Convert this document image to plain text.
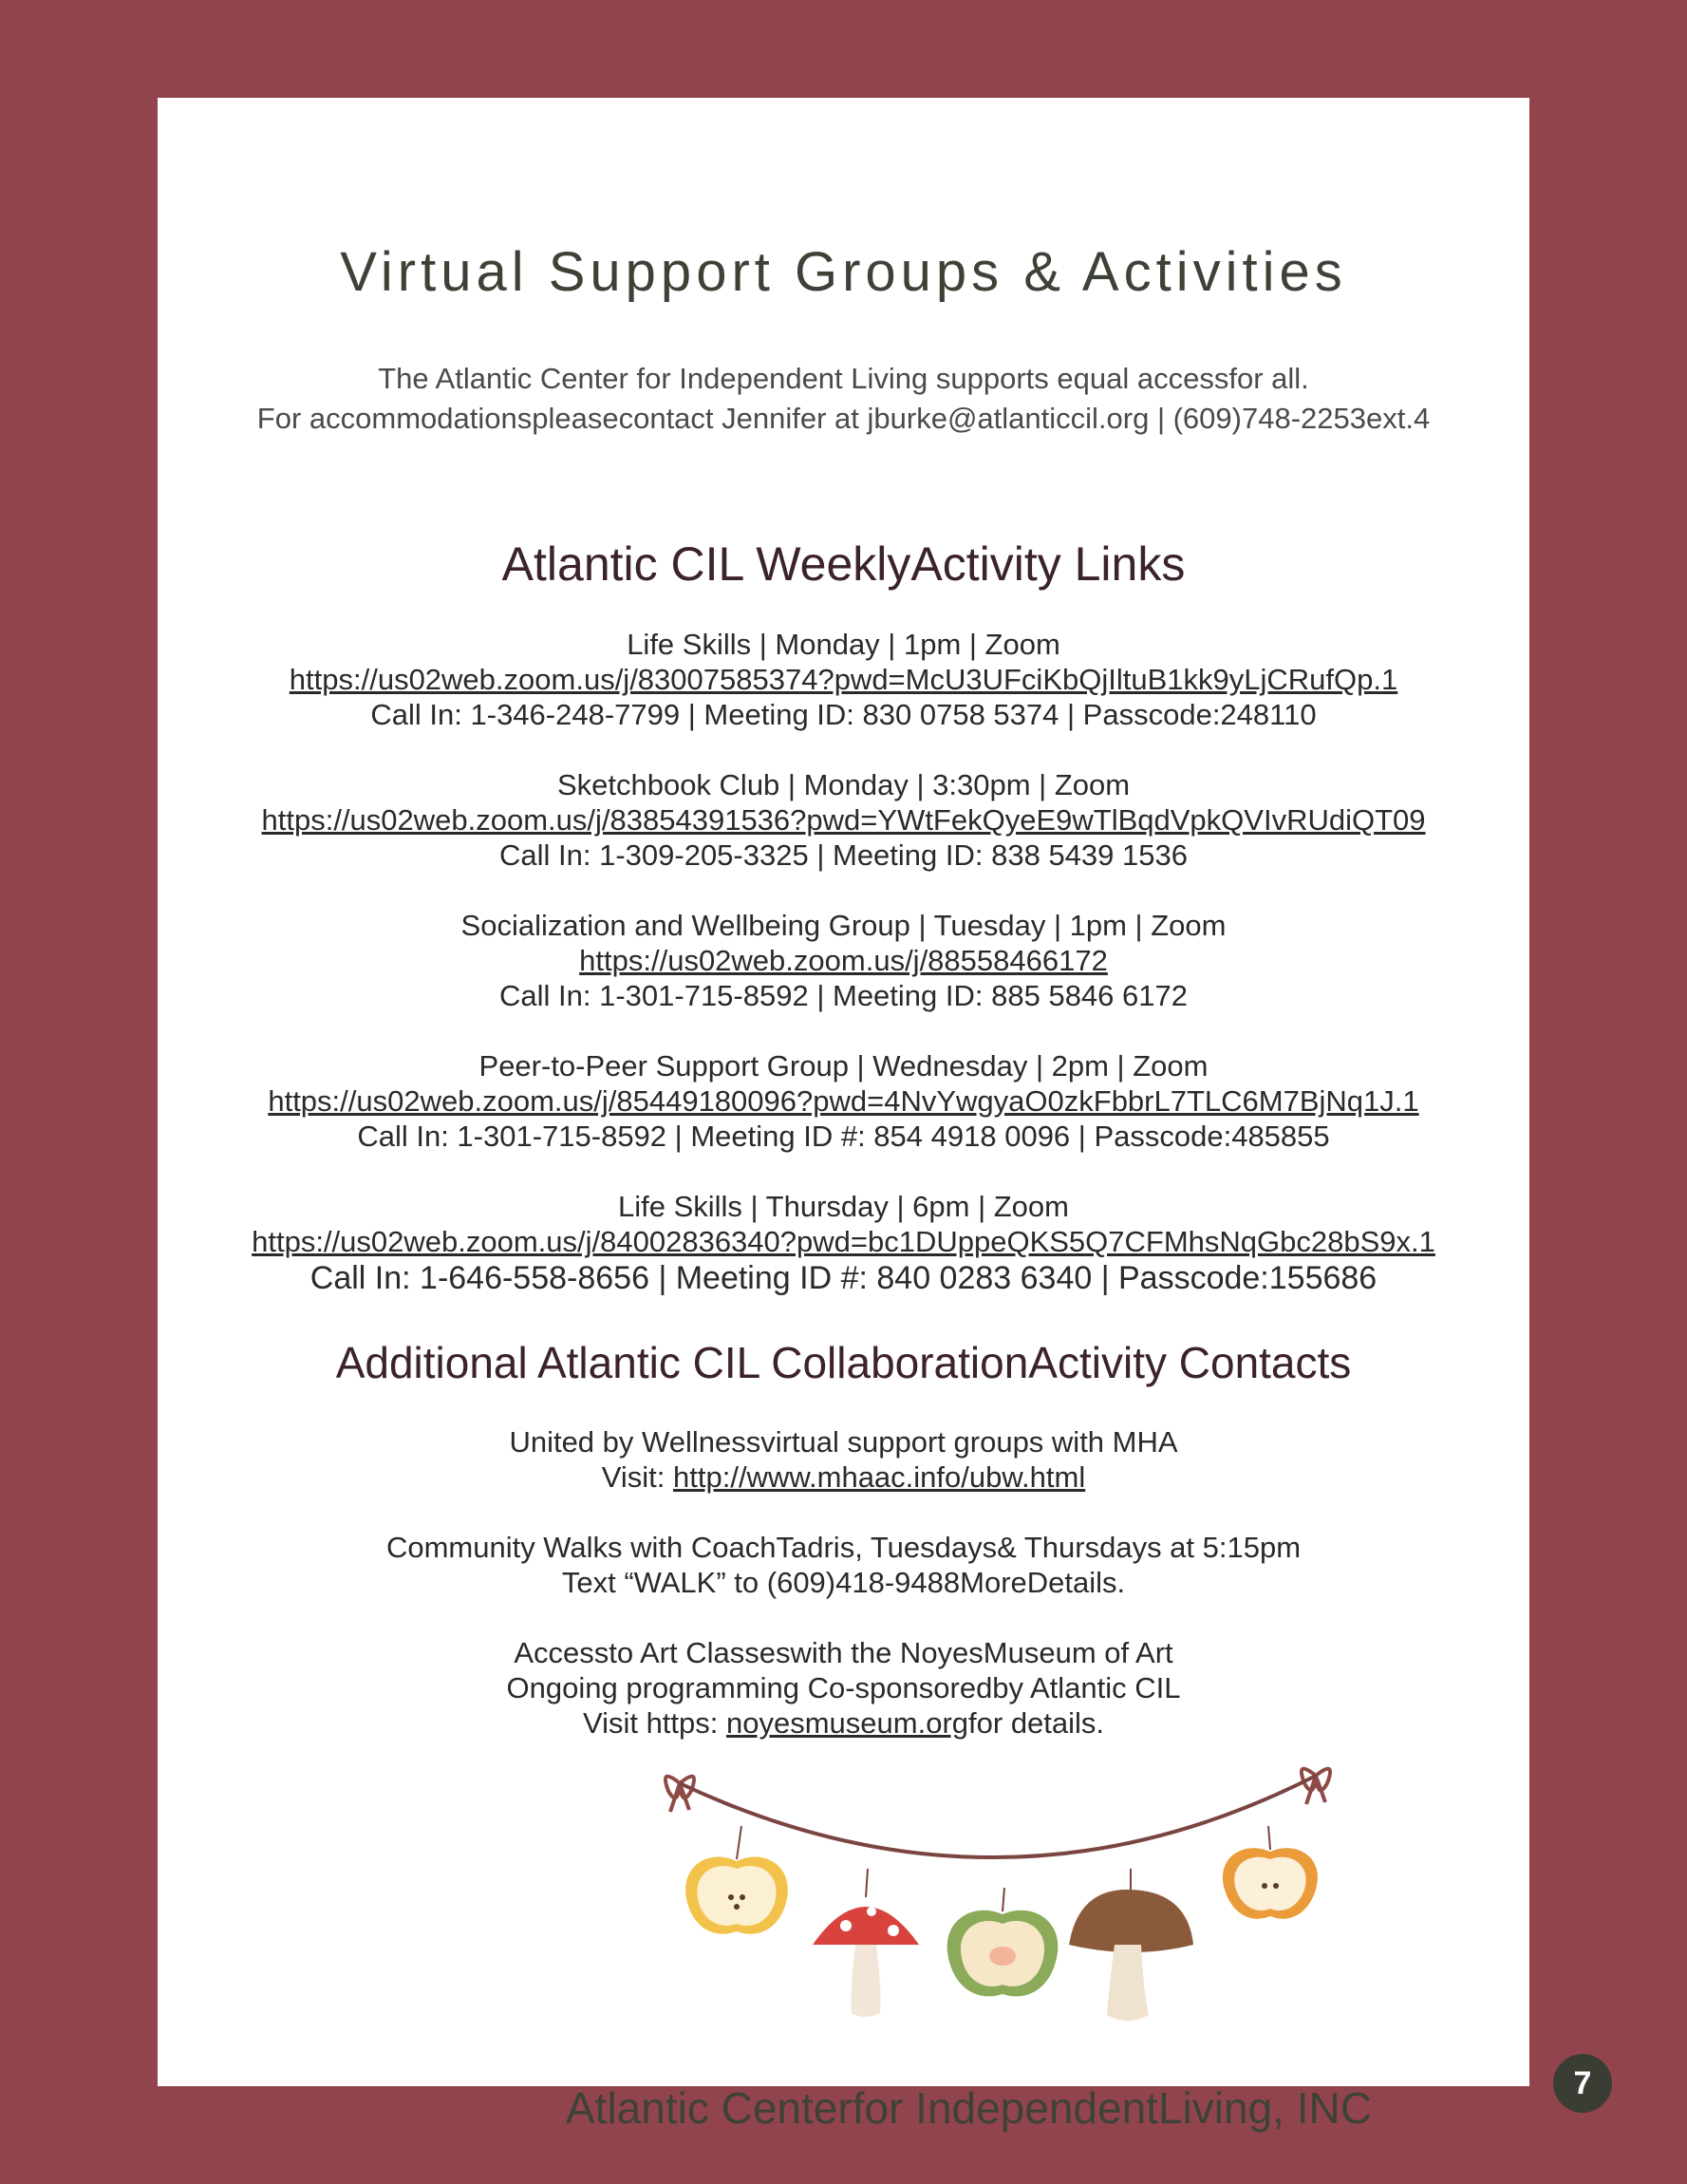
Virtual Support Groups & Activities
The Atlantic Center for Independent Living supports equal accessfor all.
For accommodationspleasecontact Jennifer at jburke@atlanticcil.org | (609)748-2253ext.4
Atlantic CIL WeeklyActivity Links
Life Skills | Monday | 1pm | Zoom
https://us02web.zoom.us/j/83007585374?pwd=McU3UFciKbQjIltuB1kk9yLjCRufQp.1
Call In: 1-346-248-7799 | Meeting ID: 830 0758 5374 | Passcode:248110
Sketchbook Club | Monday | 3:30pm | Zoom
https://us02web.zoom.us/j/83854391536?pwd=YWtFekQyeE9wTlBqdVpkQVIvRUdiQT09
Call In: 1-309-205-3325 | Meeting ID: 838 5439 1536
Socialization and Wellbeing Group | Tuesday | 1pm | Zoom
https://us02web.zoom.us/j/88558466172
Call In: 1-301-715-8592 | Meeting ID: 885 5846 6172
Peer-to-Peer Support Group | Wednesday | 2pm | Zoom
https://us02web.zoom.us/j/85449180096?pwd=4NvYwgyaO0zkFbbrL7TLC6M7BjNq1J.1
Call In: 1-301-715-8592 | Meeting ID #: 854 4918 0096 | Passcode:485855
Life Skills | Thursday | 6pm | Zoom
https://us02web.zoom.us/j/84002836340?pwd=bc1DUppeQKS5Q7CFMhsNqGbc28bS9x.1
Call In: 1-646-558-8656 | Meeting ID #: 840 0283 6340 | Passcode:155686
Additional Atlantic CIL CollaborationActivity Contacts
United by Wellnessvirtual support groups with MHA
Visit: http://www.mhaac.info/ubw.html
Community Walks with CoachTadris, Tuesdays& Thursdays at 5:15pm
Text “WALK” to (609)418-9488MoreDetails.
Accessto Art Classeswith the NoyesMuseum of Art
Ongoing programming Co-sponsoredby Atlantic CIL
Visit https: noyesmuseum.orgfor details.
Atlantic Centerfor IndependentLiving, INC
7
